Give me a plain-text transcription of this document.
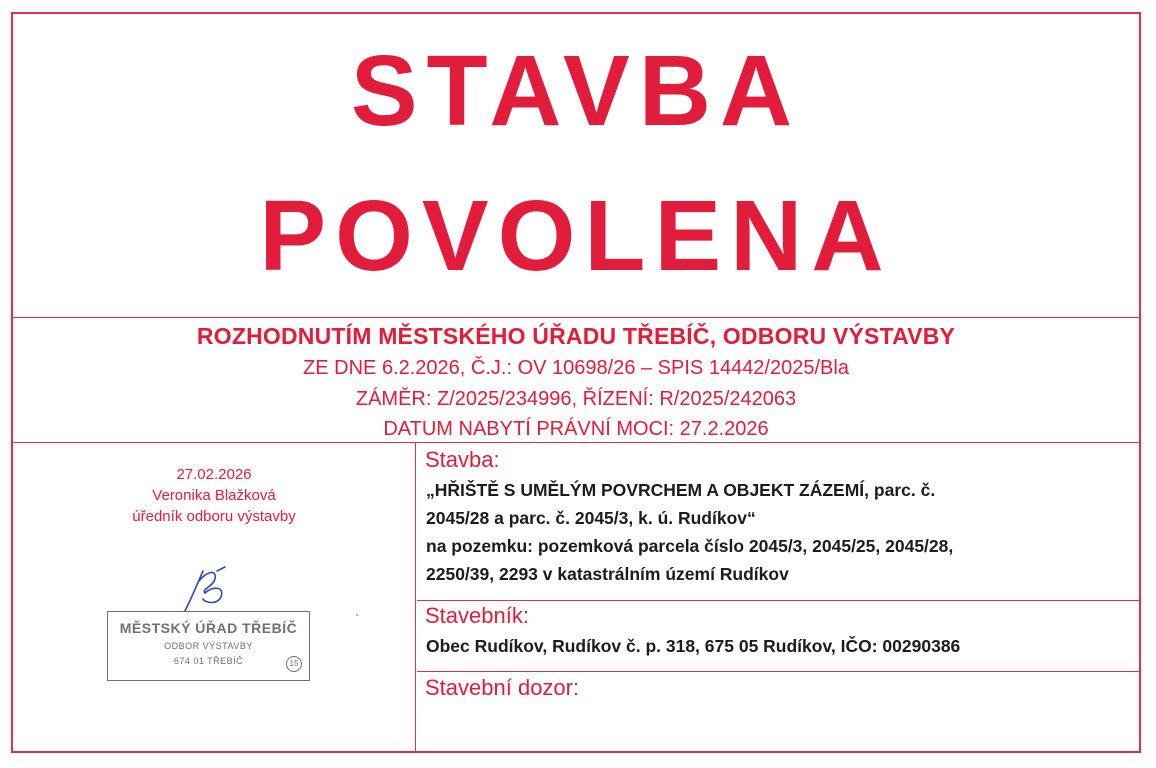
STAVBA
POVOLENA
ROZHODNUTÍM MĚSTSKÉHO ÚŘADU TŘEBÍČ, ODBORU VÝSTAVBY
ZE DNE 6.2.2026, Č.J.: OV 10698/26 – SPIS 14442/2025/Bla
ZÁMĚR: Z/2025/234996, ŘÍZENÍ: R/2025/242063
DATUM NABYTÍ PRÁVNÍ MOCI: 27.2.2026
27.02.2026
Veronika Blažková
úředník odboru výstavby
MĚSTSKÝ ÚŘAD TŘEBÍČ
ODBOR VÝSTAVBY
674 01 TŘEBÍČ	15
Stavba:
„HŘIŠTĚ S UMĚLÝM POVRCHEM A OBJEKT ZÁZEMÍ, parc. č.
2045/28 a parc. č. 2045/3, k. ú. Rudíkov“
na pozemku: pozemková parcela číslo 2045/3, 2045/25, 2045/28,
2250/39, 2293 v katastrálním území Rudíkov
Stavebník:
Obec Rudíkov, Rudíkov č. p. 318, 675 05 Rudíkov, IČO: 00290386
Stavební dozor:
